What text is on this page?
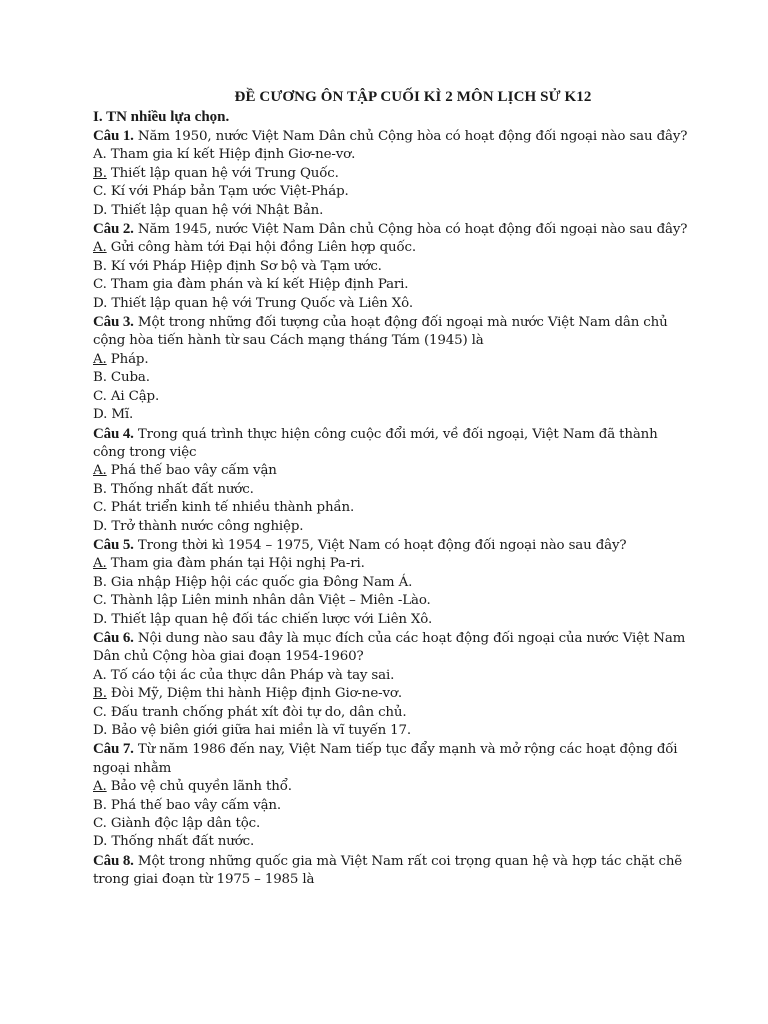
ĐỀ CƯƠNG ÔN TẬP CUỐI KÌ 2 MÔN LỊCH SỬ K12
I. TN nhiều lựa chọn.
Câu 1. Năm 1950, nước Việt Nam Dân chủ Cộng hòa có hoạt động đối ngoại nào sau đây?
A. Tham gia kí kết Hiệp định Giơ-ne-vơ.
B. Thiết lập quan hệ với Trung Quốc.
C. Kí với Pháp bản Tạm ước Việt-Pháp.
D. Thiết lập quan hệ với Nhật Bản.
Câu 2. Năm 1945, nước Việt Nam Dân chủ Cộng hòa có hoạt động đối ngoại nào sau đây?
A. Gửi công hàm tới Đại hội đồng Liên hợp quốc.
B. Kí với Pháp Hiệp định Sơ bộ và Tạm ước.
C. Tham gia đàm phán và kí kết Hiệp định Pari.
D. Thiết lập quan hệ với Trung Quốc và Liên Xô.
Câu 3. Một trong những đối tượng của hoạt động đối ngoại mà nước Việt Nam dân chủ cộng hòa tiến hành từ sau Cách mạng tháng Tám (1945) là
A. Pháp.
B. Cuba.
C. Ai Cập.
D. Mĩ.
Câu 4. Trong quá trình thực hiện công cuộc đổi mới, về đối ngoại, Việt Nam đã thành công trong việc
A. Phá thế bao vây cấm vận
B. Thống nhất đất nước.
C. Phát triển kinh tế nhiều thành phần.
D. Trở thành nước công nghiệp.
Câu 5. Trong thời kì 1954 – 1975, Việt Nam có hoạt động đối ngoại nào sau đây?
A. Tham gia đàm phán tại Hội nghị Pa-ri.
B. Gia nhập Hiệp hội các quốc gia Đông Nam Á.
C. Thành lập Liên minh nhân dân Việt – Miên -Lào.
D. Thiết lập quan hệ đối tác chiến lược với Liên Xô.
Câu 6. Nội dung nào sau đây là mục đích của các hoạt động đối ngoại của nước Việt Nam Dân chủ Cộng hòa giai đoạn 1954-1960?
A. Tố cáo tội ác của thực dân Pháp và tay sai.
B. Đòi Mỹ, Diệm thi hành Hiệp định Giơ-ne-vơ.
C. Đấu tranh chống phát xít đòi tự do, dân chủ.
D. Bảo vệ biên giới giữa hai miền là vĩ tuyến 17.
Câu 7. Từ năm 1986 đến nay, Việt Nam tiếp tục đẩy mạnh và mở rộng các hoạt động đối ngoại nhằm
A. Bảo vệ chủ quyền lãnh thổ.
B. Phá thế bao vây cấm vận.
C. Giành độc lập dân tộc.
D. Thống nhất đất nước.
Câu 8. Một trong những quốc gia mà Việt Nam rất coi trọng quan hệ và hợp tác chặt chẽ trong giai đoạn từ 1975 – 1985 là
